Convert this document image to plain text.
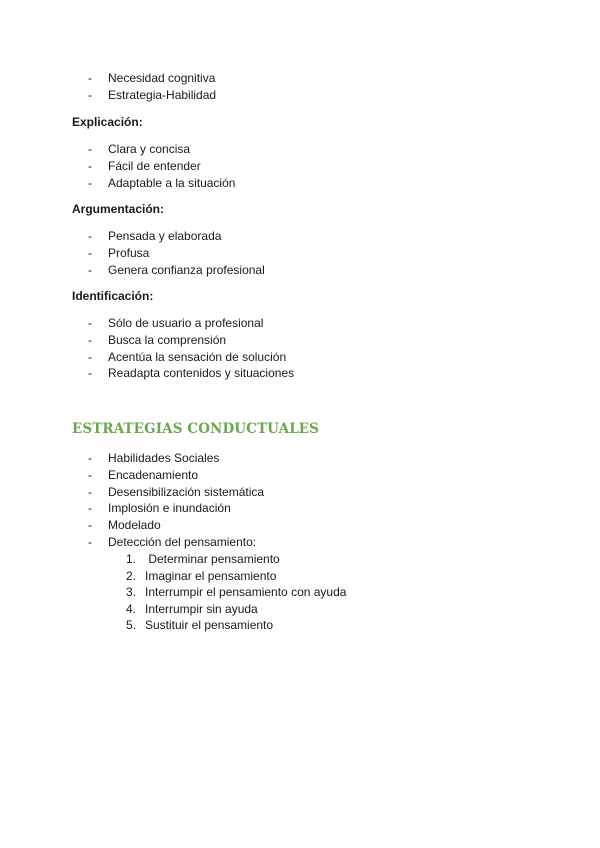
- Necesidad cognitiva
- Estrategia-Habilidad
Explicación:
- Clara y concisa
- Fácil de entender
- Adaptable a la situación
Argumentación:
- Pensada y elaborada
- Profusa
- Genera confianza profesional
Identificación:
- Sólo de usuario a profesional
- Busca la comprensión
- Acentúa la sensación de solución
- Readapta contenidos y situaciones
ESTRATEGIAS CONDUCTUALES
- Habilidades Sociales
- Encadenamiento
- Desensibilización sistemática
- Implosión e inundación
- Modelado
- Detección del pensamiento:
1. Determinar pensamiento
2. Imaginar el pensamiento
3. Interrumpir el pensamiento con ayuda
4. Interrumpir sin ayuda
5. Sustituir el pensamiento
